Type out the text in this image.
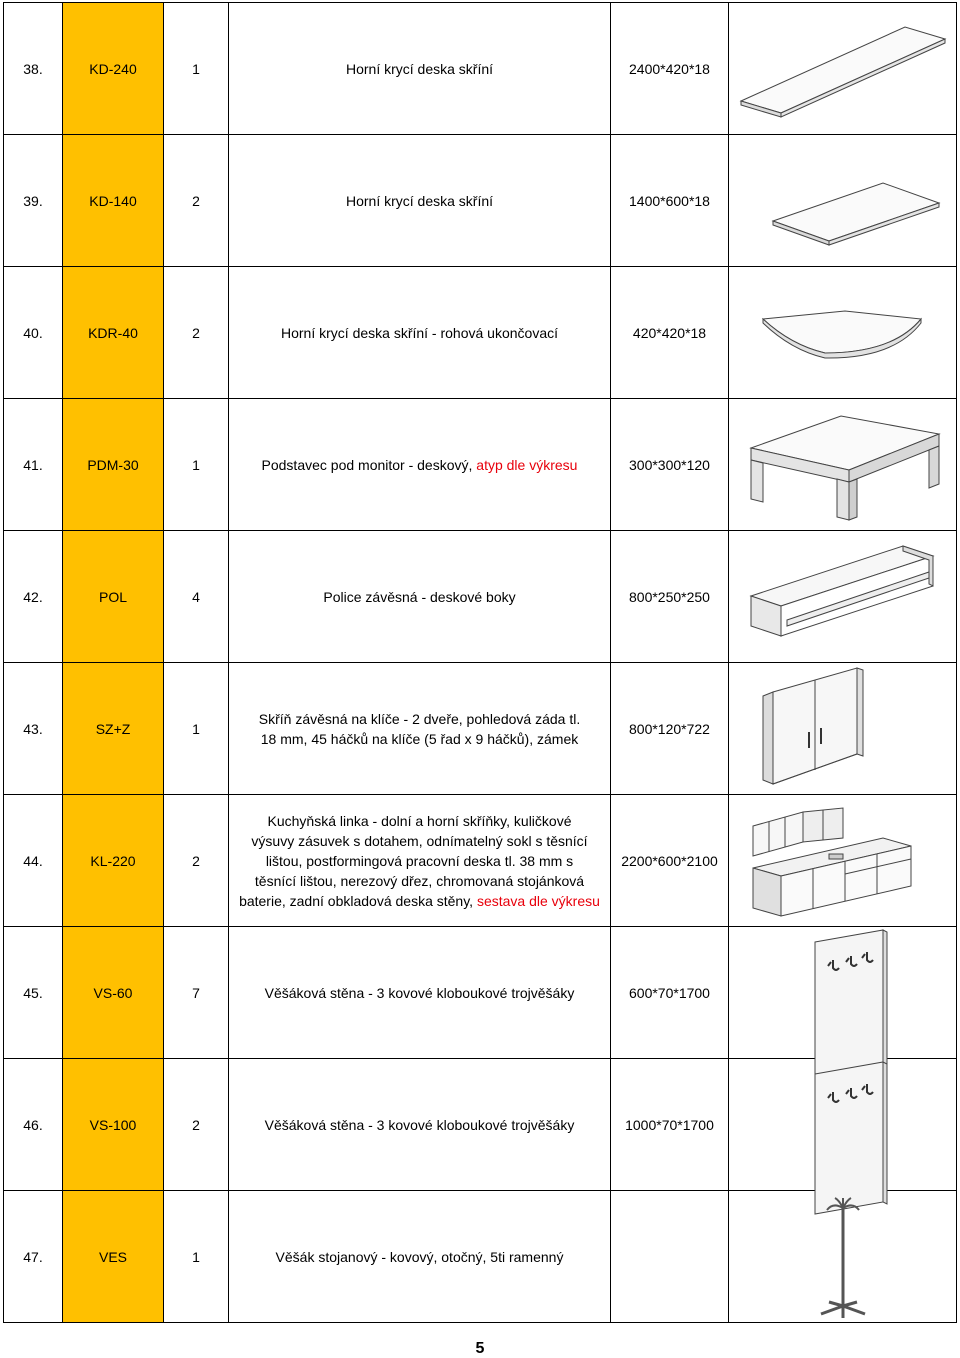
38.	KD-240	1	Horní krycí deska skříní	2400*420*18	

39.	KD-140	2	Horní krycí deska skříní	1400*600*18	

40.	KDR-40	2	Horní krycí deska skříní - rohová ukončovací	420*420*18	

41.	PDM-30	1	Podstavec pod monitor - deskový, atyp dle výkresu	300*300*120	

42.	POL	4	Police závěsná - deskové boky	800*250*250	

43.	SZ+Z	1	Skříň závěsná na klíče - 2 dveře, pohledová záda tl.
18 mm, 45 háčků na klíče (5 řad x 9 háčků), zámek	800*120*722	

44.	KL-220	2	Kuchyňská linka - dolní a horní skříňky, kuličkové
výsuvy zásuvek s dotahem, odnímatelný sokl s těsnící
lištou, postformingová pracovní deska tl. 38 mm s
těsnící lištou, nerezový dřez, chromovaná stojánková
baterie, zadní obkladová deska stěny, sestava dle výkresu	2200*600*2100	

45.	VS-60	7	Věšáková stěna - 3 kovové kloboukové trojvěšáky	600*70*1700	

46.	VS-100	2	Věšáková stěna - 3 kovové kloboukové trojvěšáky	1000*70*1700	

47.	VES	1	Věšák stojanový - kovový, otočný, 5ti ramenný		
5
